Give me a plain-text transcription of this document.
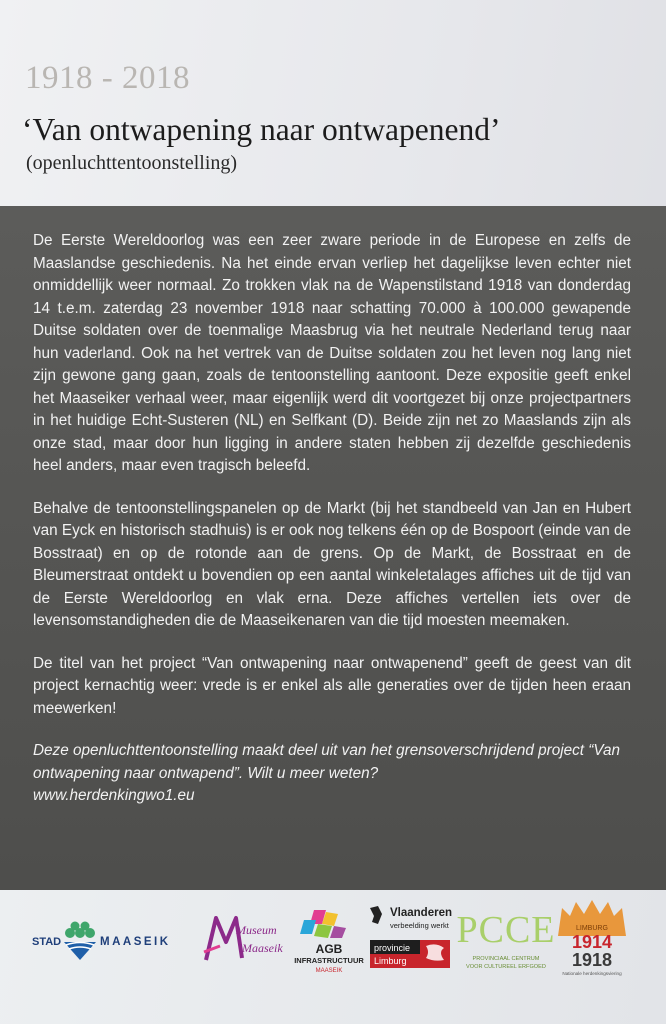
1918 - 2018
‘Van ontwapening naar ontwapenend’
(openluchttentoonstelling)

De Eerste Wereldoorlog was een zeer zware periode in de Europese en zelfs de Maaslandse geschiedenis. Na het einde ervan verliep het dagelijkse leven echter niet onmiddellijk weer normaal. Zo trokken vlak na de Wapenstilstand 1918 van donderdag 14 t.e.m. zaterdag 23 november 1918 naar schatting 70.000 à 100.000 gewapende Duitse soldaten over de toenmalige Maasbrug via het neutrale Nederland terug naar hun vaderland. Ook na het vertrek van de Duitse soldaten zou het leven nog lang niet zijn gewone gang gaan, zoals de tentoonstelling aantoont. Deze expositie geeft enkel het Maaseiker verhaal weer, maar eigenlijk werd dit voortgezet bij onze projectpartners in het huidige Echt-Susteren (NL) en Selfkant (D). Beide zijn net zo Maaslands zijn als onze stad, maar door hun ligging in andere staten hebben zij dezelfde geschiedenis heel anders, maar even tragisch beleefd.

Behalve de tentoonstellingspanelen op de Markt (bij het standbeeld van Jan en Hubert van Eyck en historisch stadhuis) is er ook nog telkens één op de Bospoort (einde van de Bosstraat) en op de rotonde aan de grens. Op de Markt, de Bosstraat en de Bleumerstraat ontdekt u bovendien op een aantal winkeletalages affiches uit de tijd van de Eerste Wereldoorlog en vlak erna. Deze affiches vertellen iets over de levensomstandigheden die de Maaseikenaren van die tijd moesten meemaken.

De titel van het project “Van ontwapening naar ontwapenend” geeft de geest van dit project kernachtig weer: vrede is er enkel als alle generaties over de tijden heen eraan meewerken!

Deze openluchttentoonstelling maakt deel uit van het grensoverschrijdend project “Van ontwapening naar ontwapend”. Wilt u meer weten?
www.herdenkingwo1.eu

STAD	MAASEIK
Museum
Maaseik	AGB
INFRASTRUCTUUR
MAASEIK
Vlaanderen
verbeelding werkt
provincie
Limburg
PCCE
PROVINCIAAL CENTRUM
VOOR CULTUREEL ERFGOED
LIMBURG
1914
1918
Nationale herdenkingsviering
